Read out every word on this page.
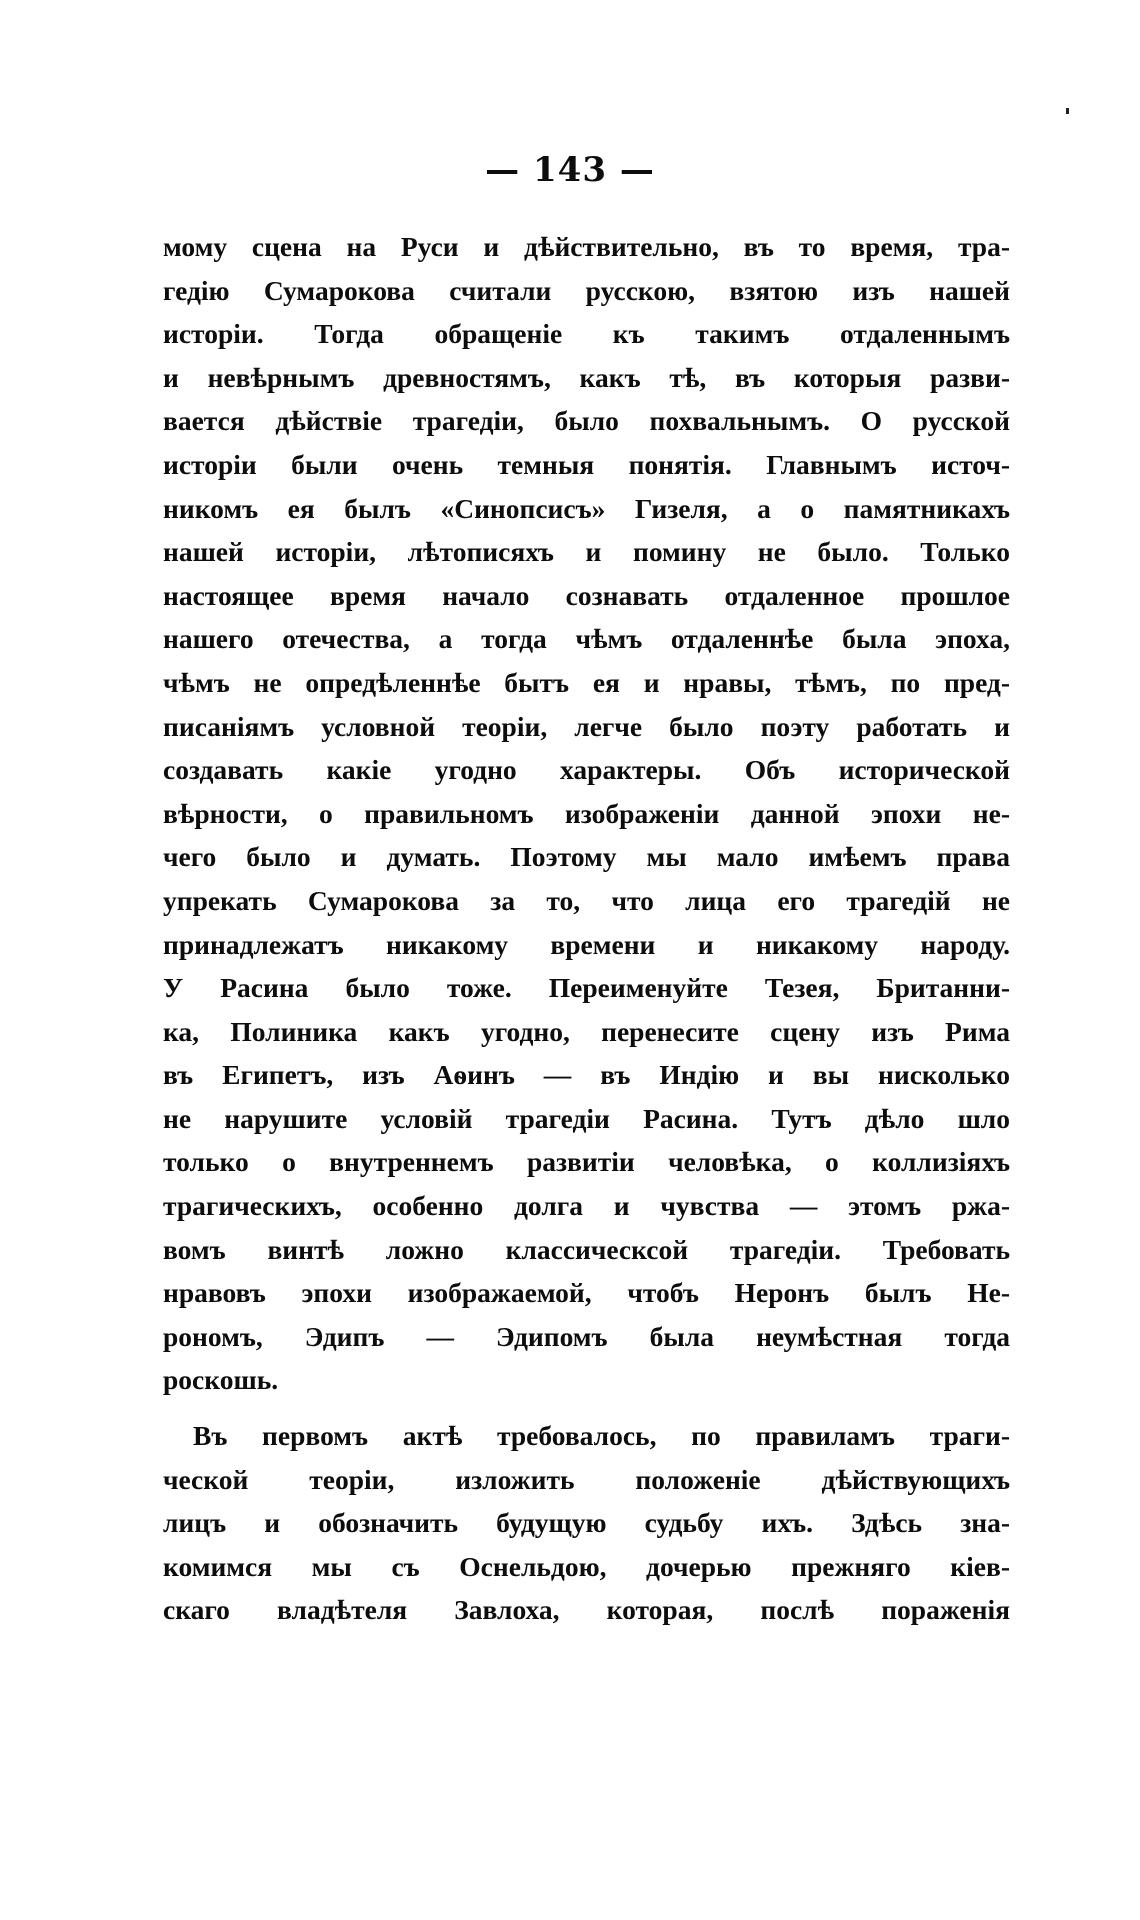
— 143 —
мому сцена на Руси и дѣйствительно, въ то время, тра-
гедію Сумарокова считали русскою, взятою изъ нашей
исторіи. Тогда обращеніе къ такимъ отдаленнымъ
и невѣрнымъ древностямъ, какъ тѣ, въ которыя разви-
вается дѣйствіе трагедіи, было похвальнымъ. О русской
исторіи были очень темныя понятія. Главнымъ источ-
никомъ ея былъ «Синопсисъ» Гизеля, а о памятникахъ
нашей исторіи, лѣтописяхъ и помину не было. Только
настоящее время начало сознавать отдаленное прошлое
нашего отечества, а тогда чѣмъ отдаленнѣе была эпоха,
чѣмъ не опредѣленнѣе бытъ ея и нравы, тѣмъ, по пред-
писаніямъ условной теоріи, легче было поэту работать и
создавать какіе угодно характеры. Объ исторической
вѣрности, о правильномъ изображеніи данной эпохи не-
чего было и думать. Поэтому мы мало имѣемъ права
упрекать Сумарокова за то, что лица его трагедій не
принадлежатъ никакому времени и никакому народу.
У Расина было тоже. Переименуйте Тезея, Британни-
ка, Полиника какъ угодно, перенесите сцену изъ Рима
въ Египетъ, изъ Аѳинъ — въ Индію и вы нисколько
не нарушите условій трагедіи Расина. Тутъ дѣло шло
только о внутреннемъ развитіи человѣка, о коллизіяхъ
трагическихъ, особенно долга и чувства — этомъ ржа-
вомъ винтѣ ложно классическсой трагедіи. Требовать
нравовъ эпохи изображаемой, чтобъ Неронъ былъ Не-
рономъ, Эдипъ — Эдипомъ была неумѣстная тогда
роскошь.
Въ первомъ актѣ требовалось, по правиламъ траги-
ческой теоріи, изложить положеніе дѣйствующихъ
лицъ и обозначить будущую судьбу ихъ. Здѣсь зна-
комимся мы съ Оснельдою, дочерью прежняго кіев-
скаго владѣтеля Завлоха, которая, послѣ пораженія
